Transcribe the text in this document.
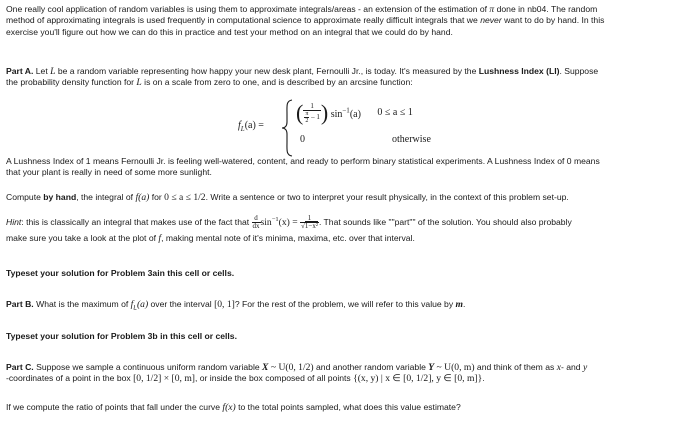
One really cool application of random variables is using them to approximate integrals/areas - an extension of the estimation of π done in nb04. The random

method of approximating integrals is used frequently in computational science to approximate really difficult integrals that we never want to do by hand. In this

exercise you'll figure out how we can do this in practice and test your method on an integral that we could do by hand.

Part A. Let L be a random variable representing how happy your new desk plant, Fernoulli Jr., is today. It's measured by the Lushness Index (LI). Suppose

the probability density function for L is on a scale from zero to one, and is described by an arcsine function:

$f_L(a)$ =
( $\frac{1}{\frac{\pi}{2} - 1}$ ) $\sin^{-1}(a) 0 \le a \le 1$
0	otherwise

A Lushness Index of 1 means Fernoulli Jr. is feeling well-watered, content, and ready to perform binary statistical experiments. A Lushness Index of 0 means

that your plant is really in need of some more sunlight.

Compute by hand, the integral of f(a) for 0 ≤ a ≤ 1/2. Write a sentence or two to interpret your result physically, in the context of this problem set-up.

Hint: this is classically an integral that makes use of the fact that $\frac{d}{dx} \sin^{-1}(x) = \frac{1}{\text{√1−x²}}$ . That sounds like ""part"" of the solution. You should also probably

make sure you take a look at the plot of f, making mental note of it's minima, maxima, etc. over that interval.

Typeset your solution for Problem 3ain this cell or cells.

Part B. What is the maximum of $f_L(a)$ over the interval [0, 1]? For the rest of the problem, we will refer to this value by m.

Typeset your solution for Problem 3b in this cell or cells.

Part C. Suppose we sample a continuous uniform random variable X ~ U(0, 1/2) and another random variable Y ~ U(0, m) and think of them as x- and y

-coordinates of a point in the box [0, 1/2] × [0, m], or inside the box composed of all points {(x, y) | x ∈ [0, 1/2], y ∈ [0, m]}.

If we compute the ratio of points that fall under the curve f(x) to the total points sampled, what does this value estimate?
